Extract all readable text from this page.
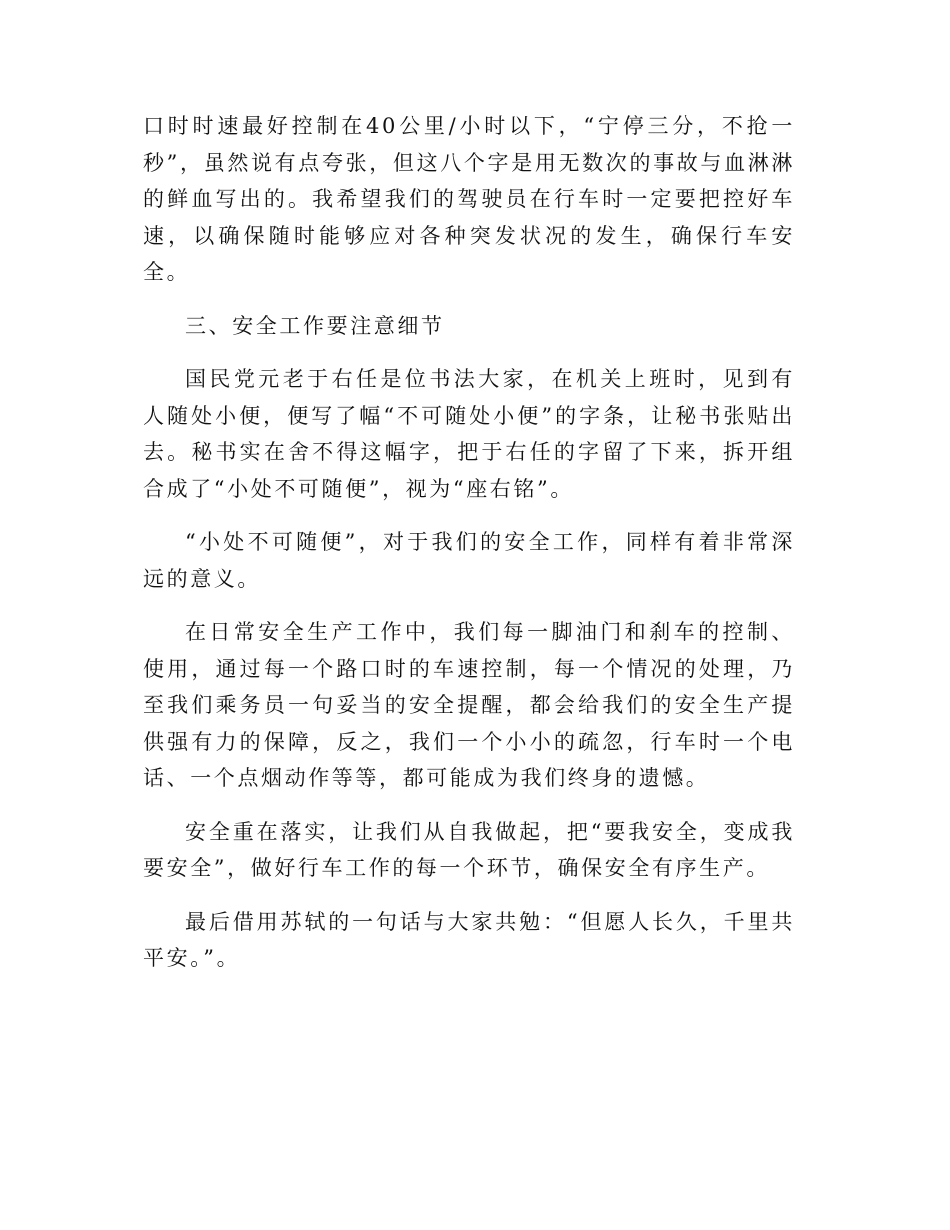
口时时速最好控制在40公里/小时以下，“宁停三分，不抢一秒”，虽然说有点夸张，但这八个字是用无数次的事故与血淋淋的鲜血写出的。我希望我们的驾驶员在行车时一定要把控好车速，以确保随时能够应对各种突发状况的发生，确保行车安全。

三、安全工作要注意细节

国民党元老于右任是位书法大家，在机关上班时，见到有人随处小便，便写了幅“不可随处小便”的字条，让秘书张贴出去。秘书实在舍不得这幅字，把于右任的字留了下来，拆开组合成了“小处不可随便”，视为“座右铭”。

“小处不可随便”，对于我们的安全工作，同样有着非常深远的意义。

在日常安全生产工作中，我们每一脚油门和刹车的控制、使用，通过每一个路口时的车速控制，每一个情况的处理，乃至我们乘务员一句妥当的安全提醒，都会给我们的安全生产提供强有力的保障，反之，我们一个小小的疏忽，行车时一个电话、一个点烟动作等等，都可能成为我们终身的遗憾。

安全重在落实，让我们从自我做起，把“要我安全，变成我要安全”，做好行车工作的每一个环节，确保安全有序生产。

最后借用苏轼的一句话与大家共勉：“但愿人长久，千里共平安。”。
